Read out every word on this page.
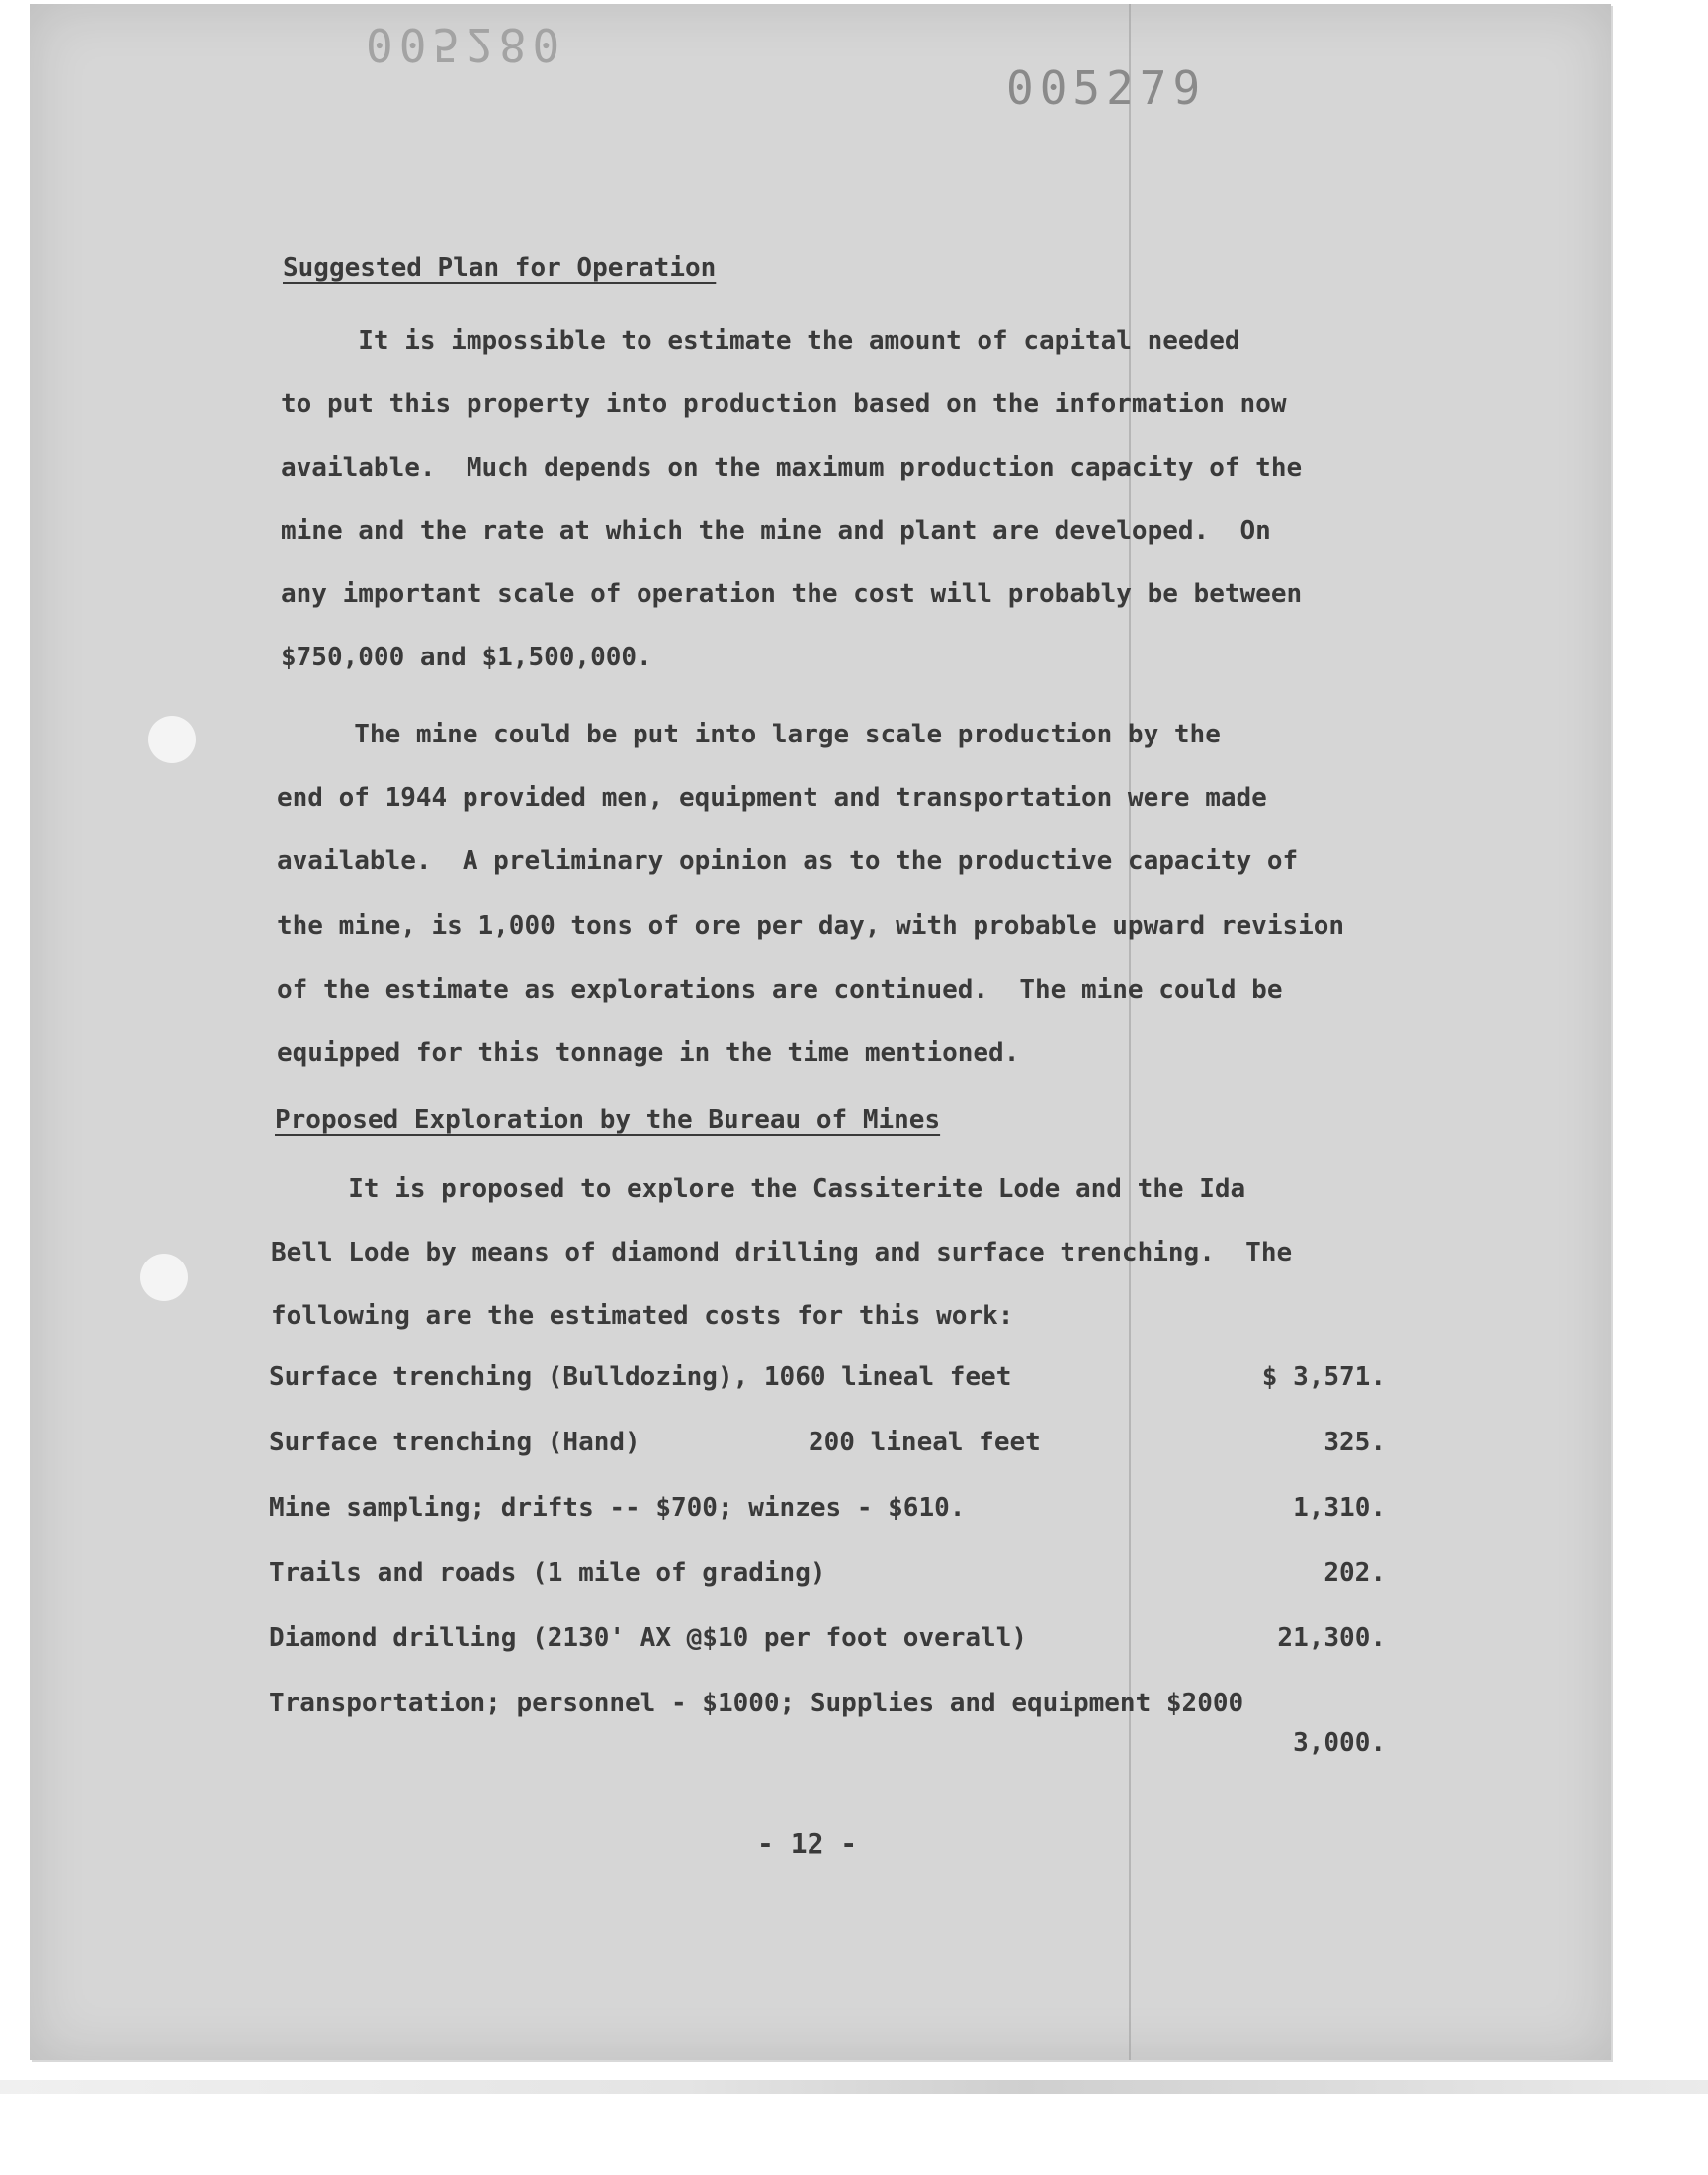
005280
005279
Suggested Plan for Operation

It is impossible to estimate the amount of capital needed

to put this property into production based on the information now

available.  Much depends on the maximum production capacity of the

mine and the rate at which the mine and plant are developed.  On

any important scale of operation the cost will probably be between

$750,000 and $1,500,000.

The mine could be put into large scale production by the

end of 1944 provided men, equipment and transportation were made

available.  A preliminary opinion as to the productive capacity of

the mine, is 1,000 tons of ore per day, with probable upward revision

of the estimate as explorations are continued.  The mine could be

equipped for this tonnage in the time mentioned.

Proposed Exploration by the Bureau of Mines

It is proposed to explore the Cassiterite Lode and the Ida

Bell Lode by means of diamond drilling and surface trenching.  The

following are the estimated costs for this work:

Surface trenching (Bulldozing), 1060 lineal feet	$ 3,571.
Surface trenching (Hand)	200 lineal feet	325.
Mine sampling; drifts -- $700; winzes - $610.	1,310.
Trails and roads (1 mile of grading)	202.
Diamond drilling (2130' AX @$10 per foot overall)	21,300.
Transportation; personnel - $1000; Supplies and equipment $2000
3,000.
- 12 -
